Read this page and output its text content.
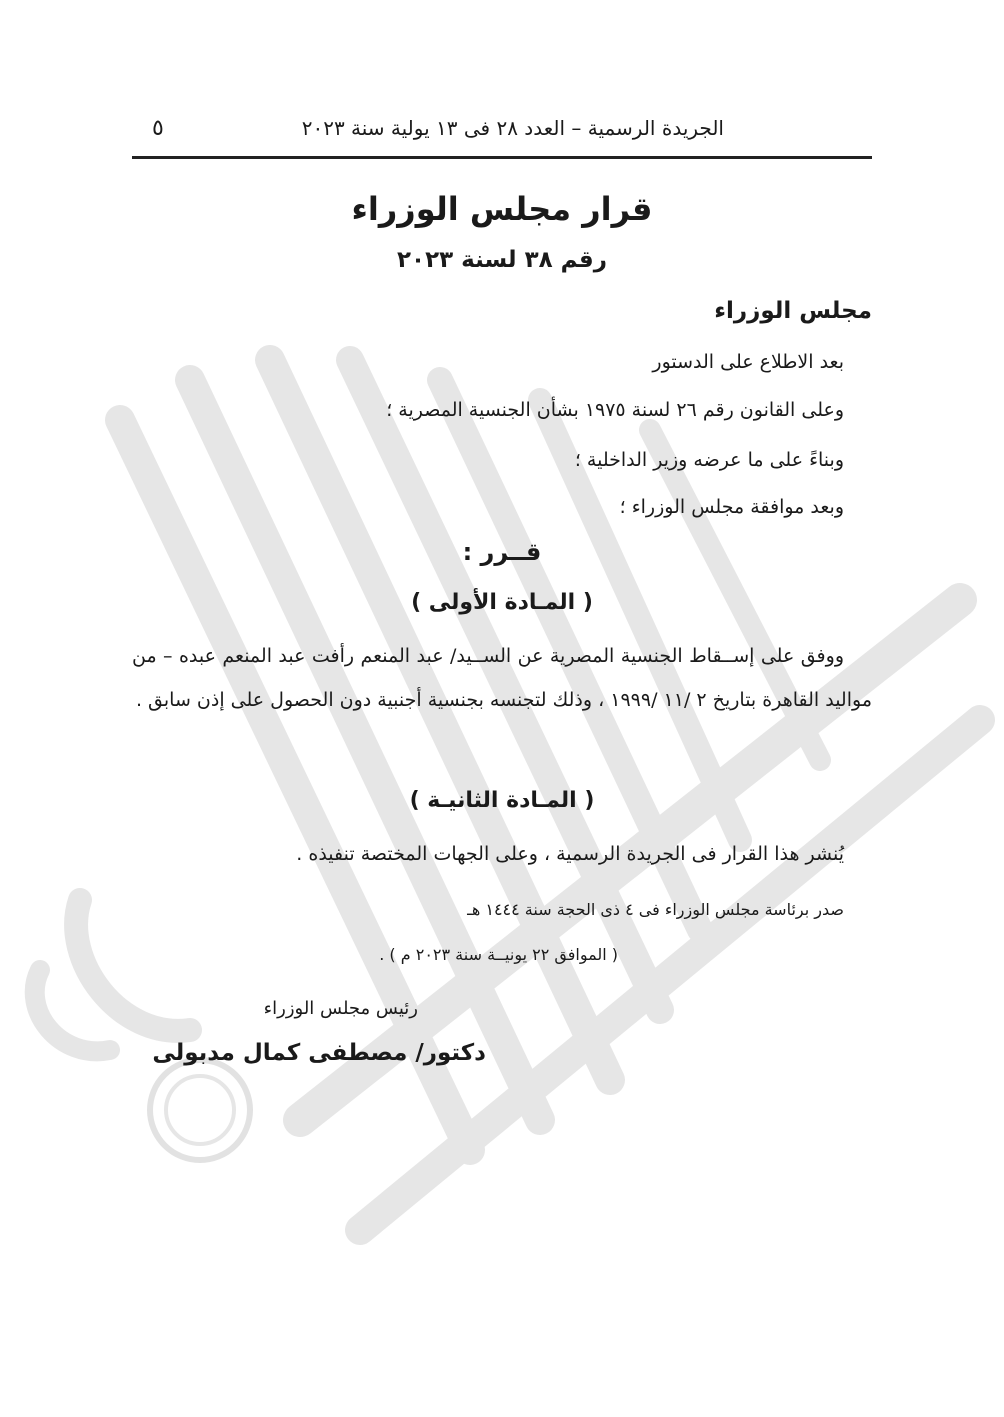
الجريدة الرسمية – العدد ٢٨ فى ١٣ يولية سنة ٢٠٢٣
٥
قرار مجلس الوزراء
رقم ٣٨ لسنة ٢٠٢٣
مجلس الوزراء
بعد الاطلاع على الدستور
وعلى القانون رقم ٢٦ لسنة ١٩٧٥ بشأن الجنسية المصرية ؛
وبناءً على ما عرضه وزير الداخلية ؛
وبعد موافقة مجلس الوزراء ؛
قــرر :
( المـادة الأولى )
ووفق على إســقاط الجنسية المصرية عن الســيد/ عبد المنعم رأفت عبد المنعم عبده – من مواليد القاهرة بتاريخ ٢ /١١ /١٩٩٩ ، وذلك لتجنسه بجنسية أجنبية دون الحصول على إذن سابق .
( المـادة الثانيـة )
يُنشر هذا القرار فى الجريدة الرسمية ، وعلى الجهات المختصة تنفيذه .
صدر برئاسة مجلس الوزراء فى ٤ ذى الحجة سنة ١٤٤٤ هـ
( الموافق ٢٢ يونيــة سنة ٢٠٢٣ م ) .
رئيس مجلس الوزراء
دكتور/ مصطفى كمال مدبولى
